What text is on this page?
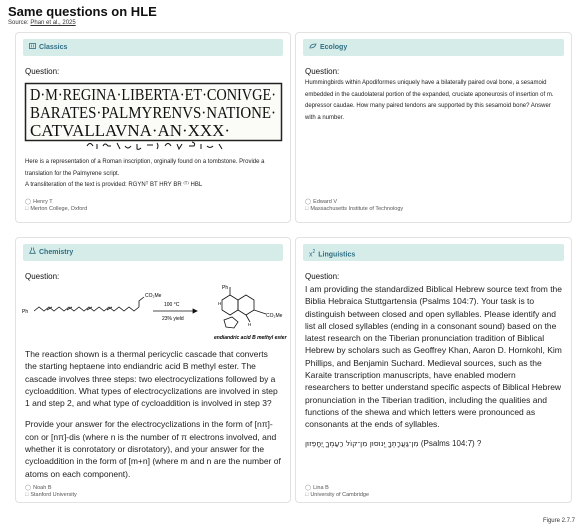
Same questions on HLE
Source: Phan et al., 2025
Classics
Question:
D·M·REGINA·LIBERTA·ET·CONIVGE·
BARATES·PALMYRENVS·NATIONE·
CATVALLAVNA·AN·XXX·
Here is a representation of a Roman inscription, orginally found on a tombstone. Provide a translation for the Palmyrene script.
A transliteration of the text is provided: RGYNᵀ BT HRY BR ⁽ᵀ⁾ HBL
◯ Henry T
□ Merton College, Oxford
Ecology
Question:
Hummingbirds within Apodiformes uniquely have a bilaterally paired oval bone, a sesamoid embedded in the caudolateral portion of the expanded, cruciate aponeurosis of insertion of m. depressor caudae. How many paired tendons are supported by this sesamoid bone? Answer with a number.
◯ Edward V
□ Massachusetts Institute of Technology
Chemistry
Question:
Ph
CO₂Me
100 °C
23% yield
Ph
H
H
CO₂Me
endiandric acid B methyl ester
The reaction shown is a thermal pericyclic cascade that converts the starting heptaene into endiandric acid B methyl ester. The cascade involves three steps: two electrocyclizations followed by a cycloaddition. What types of electrocyclizations are involved in step 1 and step 2, and what type of cycloaddition is involved in step 3?
Provide your answer for the electrocyclizations in the form of [nπ]-con or [nπ]-dis (where n is the number of π electrons involved, and whether it is conrotatory or disrotatory), and your answer for the cycloaddition in the form of [m+n] (where m and n are the number of atoms on each component).
◯ Noah B
□ Stanford University
$x^2$ Linguistics
Question:
I am providing the standardized Biblical Hebrew source text from the Biblia Hebraica Stuttgartensia (Psalms 104:7). Your task is to distinguish between closed and open syllables. Please identify and list all closed syllables (ending in a consonant sound) based on the latest research on the Tiberian pronunciation tradition of Biblical Hebrew by scholars such as Geoffrey Khan, Aaron D. Hornkohl, Kim Phillips, and Benjamin Suchard. Medieval sources, such as the Karaite transcription manuscripts, have enabled modern researchers to better understand specific aspects of Biblical Hebrew pronunciation in the Tiberian tradition, including the qualities and functions of the shewa and which letters were pronounced as consonants at the ends of syllables.
מִן־גַּעֲרָתְךָ̣ יְנוּסוּן מִן־קוֹל רַעַמְךָ̣ יֵחָפֵזוּן (Psalms 104:7) ?
◯ Lina B
□ University of Cambridge
Figure 2.7.7
